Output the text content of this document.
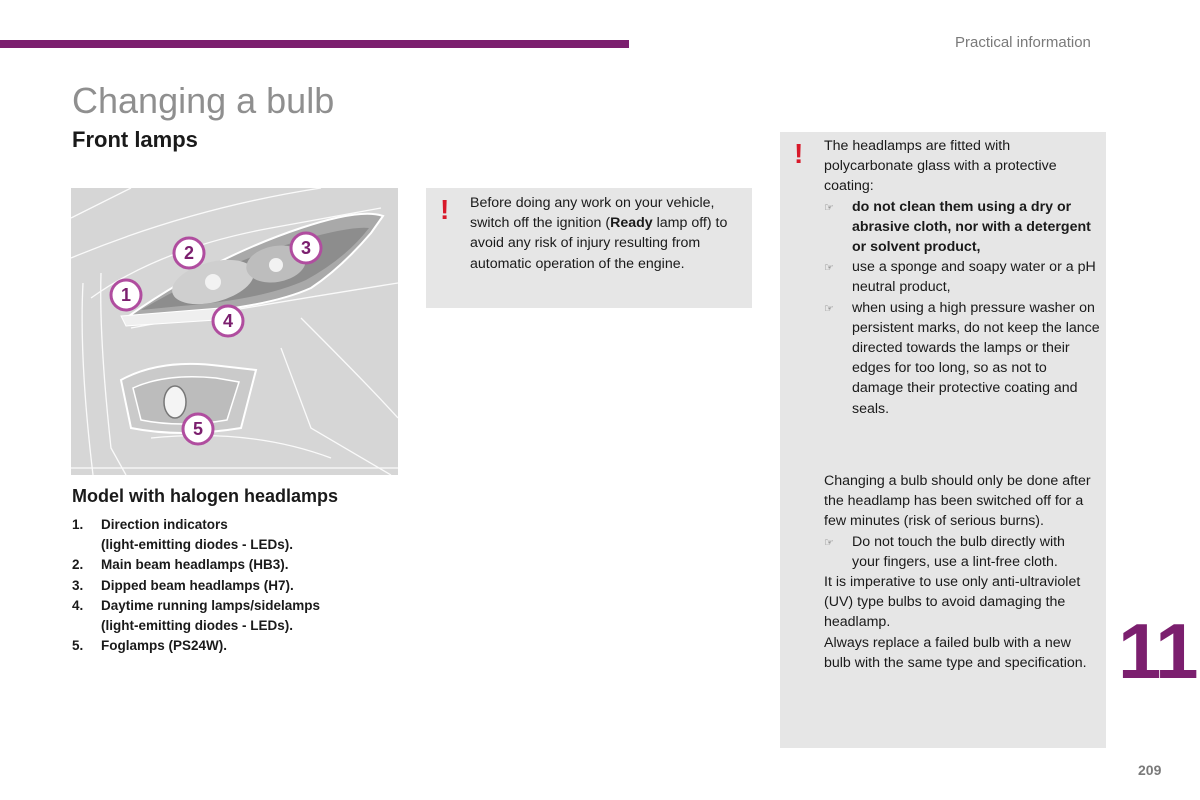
Practical information
Changing a bulb
Front lamps
1
2	3
4
5
Model with halogen headlamps
1.	Direction indicators
(light-emitting diodes - LEDs).
2.	Main beam headlamps (HB3).
3.	Dipped beam headlamps (H7).
4.	Daytime running lamps/sidelamps
(light-emitting diodes - LEDs).
5.	Foglamps (PS24W).
! Before doing any work on your vehicle, switch off the ignition (Ready lamp off) to avoid any risk of injury resulting from automatic operation of the engine.
! The headlamps are fitted with polycarbonate glass with a protective coating:
☞	do not clean them using a dry or abrasive cloth, nor with a detergent or solvent product,
☞	use a sponge and soapy water or a pH neutral product,
☞	when using a high pressure washer on persistent marks, do not keep the lance directed towards the lamps or their edges for too long, so as not to damage their protective coating and seals.
Changing a bulb should only be done after the headlamp has been switched off for a few minutes (risk of serious burns).
☞	Do not touch the bulb directly with your fingers, use a lint-free cloth.
It is imperative to use only anti-ultraviolet (UV) type bulbs to avoid damaging the headlamp.
Always replace a failed bulb with a new bulb with the same type and specification. 11
209
